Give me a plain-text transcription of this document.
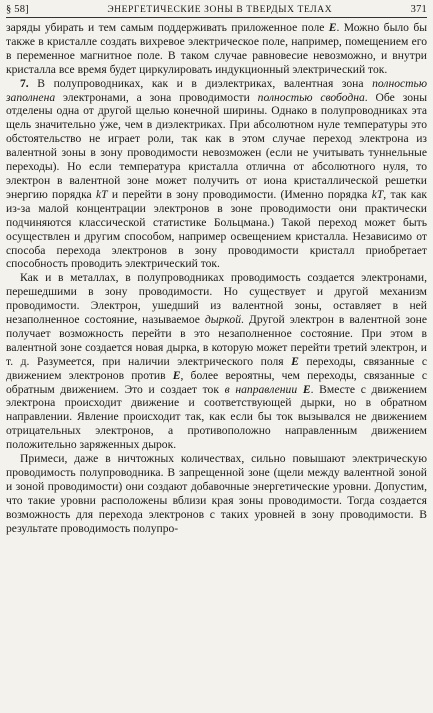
§ 58]	ЭНЕРГЕТИЧЕСКИЕ ЗОНЫ В ТВЕРДЫХ ТЕЛАХ	371

заряды убирать и тем самым поддерживать приложенное поле E. Можно было бы также в кристалле создать вихревое электрическое поле, например, помещением его в переменное магнитное поле. В таком случае равновесие невозможно, и внутри кристалла все время будет циркулировать индукционный электрический ток.

7. В полупроводниках, как и в диэлектриках, валентная зона полностью заполнена электронами, а зона проводимости полностью свободна. Обе зоны отделены одна от другой щелью конечной ширины. Однако в полупроводниках эта щель значительно у́же, чем в диэлектриках. При абсолютном нуле температуры это обстоятельство не играет роли, так как в этом случае переход электрона из валентной зоны в зону проводимости невозможен (если не учитывать туннельные переходы). Но если температура кристалла отлична от абсолютного нуля, то электрон в валентной зоне может получить от иона кристаллической решетки энергию порядка kT и перейти в зону проводимости. (Именно порядка kT, так как из-за малой концентрации электронов в зоне проводимости они практически подчиняются классической статистике Больцмана.) Такой переход может быть осуществлен и другим способом, например освещением кристалла. Независимо от способа перехода электронов в зону проводимости кристалл приобретает способность проводить электрический ток.

Как и в металлах, в полупроводниках проводимость создается электронами, перешедшими в зону проводимости. Но существует и другой механизм проводимости. Электрон, ушедший из валентной зоны, оставляет в ней незаполненное состояние, называемое дыркой. Другой электрон в валентной зоне получает возможность перейти в это незаполненное состояние. При этом в валентной зоне создается новая дырка, в которую может перейти третий электрон, и т. д. Разумеется, при наличии электрического поля E переходы, связанные с движением электронов против E, более вероятны, чем переходы, связанные с обратным движением. Это и создает ток в направлении E. Вместе с движением электрона происходит движение и соответствующей дырки, но в обратном направлении. Явление происходит так, как если бы ток вызывался не движением отрицательных электронов, а противоположно направленным движением положительно заряженных дырок.

Примеси, даже в ничтожных количествах, сильно повышают электрическую проводимость полупроводника. В запрещенной зоне (щели между валентной зоной и зоной проводимости) они создают добавочные энергетические уровни. Допустим, что такие уровни расположены вблизи края зоны проводимости. Тогда создается возможность для перехода электронов с таких уровней в зону проводимости. В результате проводимость полупро-
